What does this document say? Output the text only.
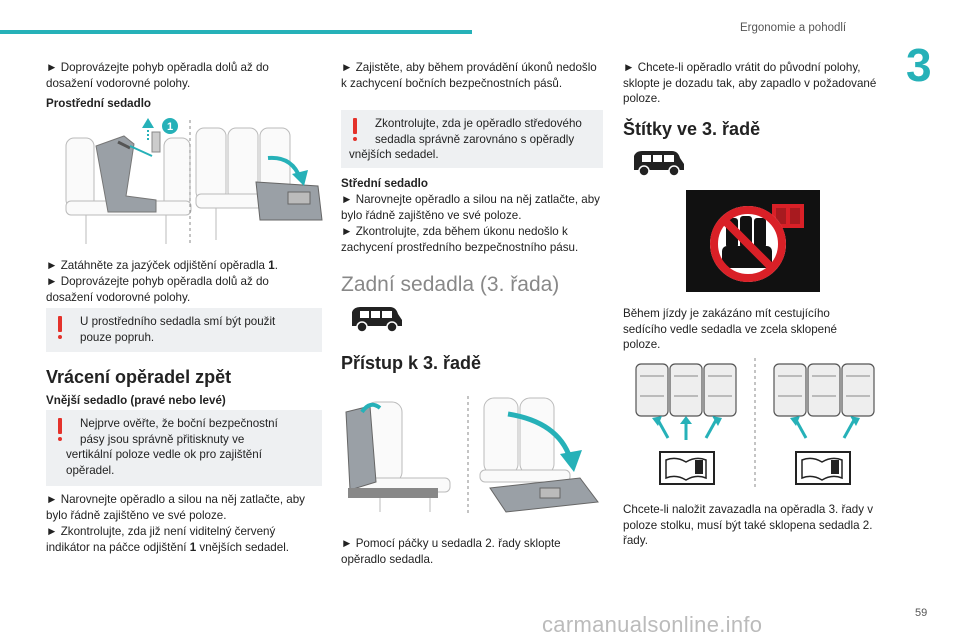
Ergonomie a pohodlí
3

► Doprovázejte pohyb opěradla dolů až do dosažení vodorovné polohy.

Prostřední sedadlo

1

► Zatáhněte za jazýček odjištění opěradla 1.

► Doprovázejte pohyb opěradla dolů až do dosažení vodorovné polohy.

U prostředního sedadla smí být použit
pouze popruh.

Vrácení opěradel zpět

Vnější sedadlo (pravé nebo levé)

Nejprve ověřte, že boční bezpečnostní
pásy jsou správně přitisknuty ve
vertikální poloze vedle ok pro zajištění
opěradel.

► Narovnejte opěradlo a silou na něj zatlačte, aby bylo řádně zajištěno ve své poloze.

► Zkontrolujte, zda již není viditelný červený indikátor na páčce odjištění 1 vnějších sedadel.

► Zajistěte, aby během provádění úkonů nedošlo k zachycení bočních bezpečnostních pásů.

Zkontrolujte, zda je opěradlo středového
sedadla správně zarovnáno s opěradly
vnějších sedadel.

Střední sedadlo

► Narovnejte opěradlo a silou na něj zatlačte, aby bylo řádně zajištěno ve své poloze.

► Zkontrolujte, zda během úkonu nedošlo k zachycení prostředního bezpečnostního pásu.

Zadní sedadla (3. řada)

Přístup k 3. řadě

► Pomocí páčky u sedadla 2. řady sklopte opěradlo sedadla.

► Chcete-li opěradlo vrátit do původní polohy, sklopte je dozadu tak, aby zapadlo v požadované poloze.

Štítky ve 3. řadě

Během jízdy je zakázáno mít cestujícího sedícího vedle sedadla ve zcela sklopené poloze.

Chcete-li naložit zavazadla na opěradla 3. řady v poloze stolku, musí být také sklopena sedadla 2. řady.

carmanualsonline.info	59
